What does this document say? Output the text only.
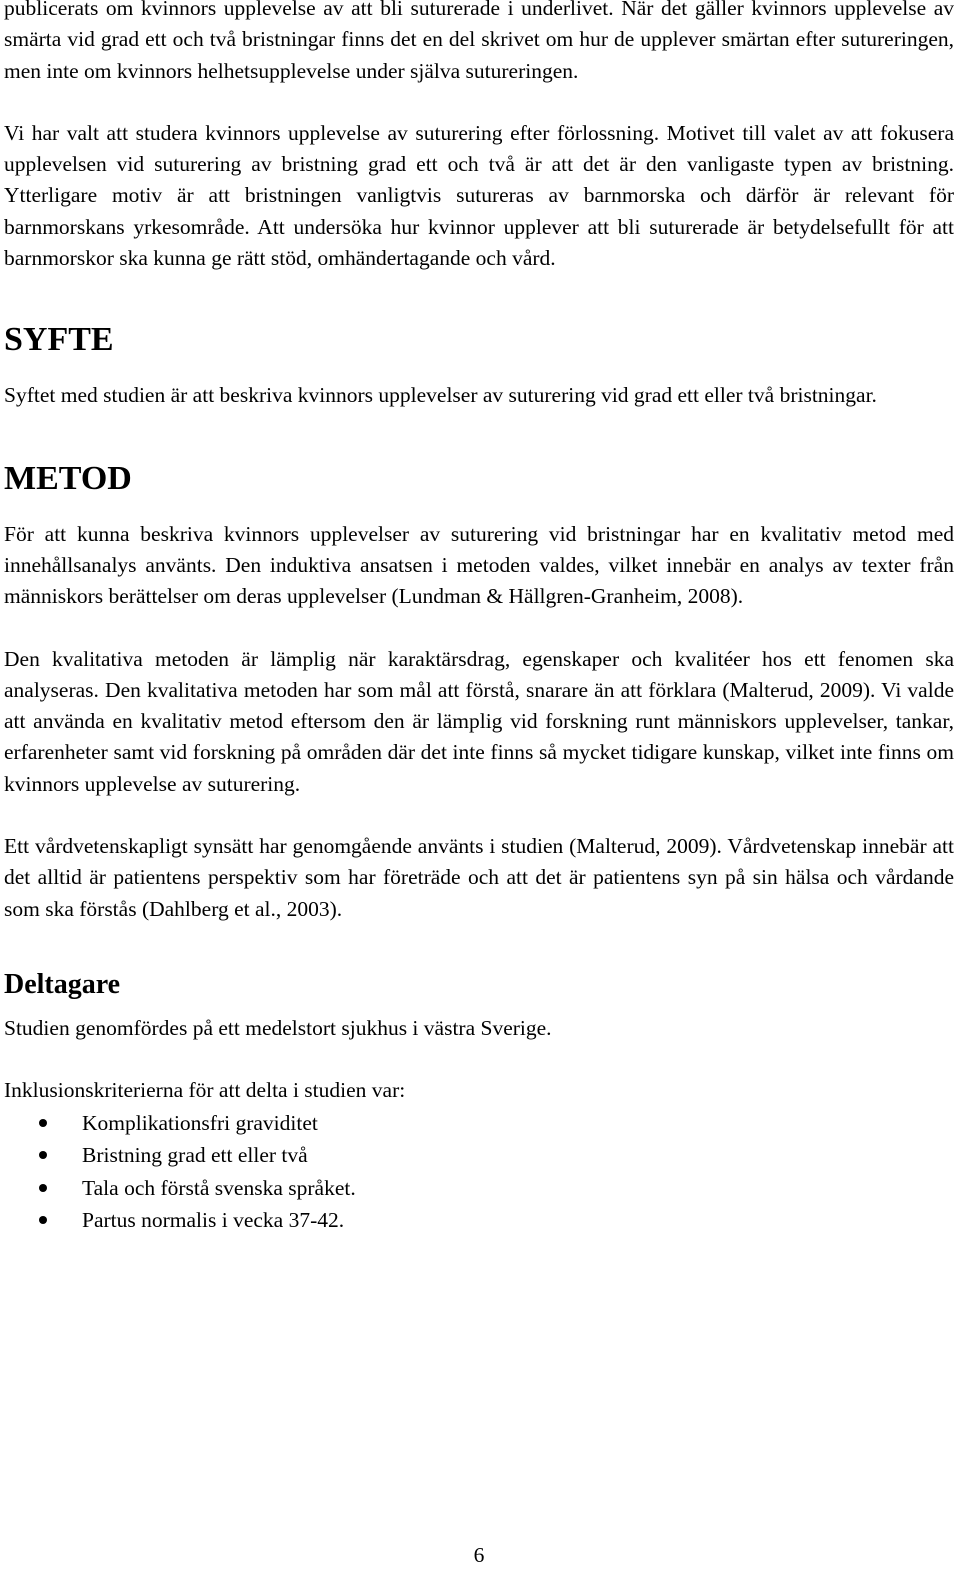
publicerats om kvinnors upplevelse av att bli suturerade i underlivet. När det gäller kvinnors upplevelse av smärta vid grad ett och två bristningar finns det en del skrivet om hur de upplever smärtan efter sutureringen, men inte om kvinnors helhetsupplevelse under själva sutureringen.

Vi har valt att studera kvinnors upplevelse av suturering efter förlossning. Motivet till valet av att fokusera upplevelsen vid suturering av bristning grad ett och två är att det är den vanligaste typen av bristning. Ytterligare motiv är att bristningen vanligtvis sutureras av barnmorska och därför är relevant för barnmorskans yrkesområde. Att undersöka hur kvinnor upplever att bli suturerade är betydelsefullt för att barnmorskor ska kunna ge rätt stöd, omhändertagande och vård.

SYFTE

Syftet med studien är att beskriva kvinnors upplevelser av suturering vid grad ett eller två bristningar.

METOD

För att kunna beskriva kvinnors upplevelser av suturering vid bristningar har en kvalitativ metod med innehållsanalys använts. Den induktiva ansatsen i metoden valdes, vilket innebär en analys av texter från människors berättelser om deras upplevelser (Lundman & Hällgren-Granheim, 2008).

Den kvalitativa metoden är lämplig när karaktärsdrag, egenskaper och kvalitéer hos ett fenomen ska analyseras. Den kvalitativa metoden har som mål att förstå, snarare än att förklara (Malterud, 2009). Vi valde att använda en kvalitativ metod eftersom den är lämplig vid forskning runt människors upplevelser, tankar, erfarenheter samt vid forskning på områden där det inte finns så mycket tidigare kunskap, vilket inte finns om kvinnors upplevelse av suturering.

Ett vårdvetenskapligt synsätt har genomgående använts i studien (Malterud, 2009). Vårdvetenskap innebär att det alltid är patientens perspektiv som har företräde och att det är patientens syn på sin hälsa och vårdande som ska förstås (Dahlberg et al., 2003).

Deltagare

Studien genomfördes på ett medelstort sjukhus i västra Sverige.

Inklusionskriterierna för att delta i studien var:

Komplikationsfri graviditet
Bristning grad ett eller två
Tala och förstå svenska språket.
Partus normalis i vecka 37-42.
6
